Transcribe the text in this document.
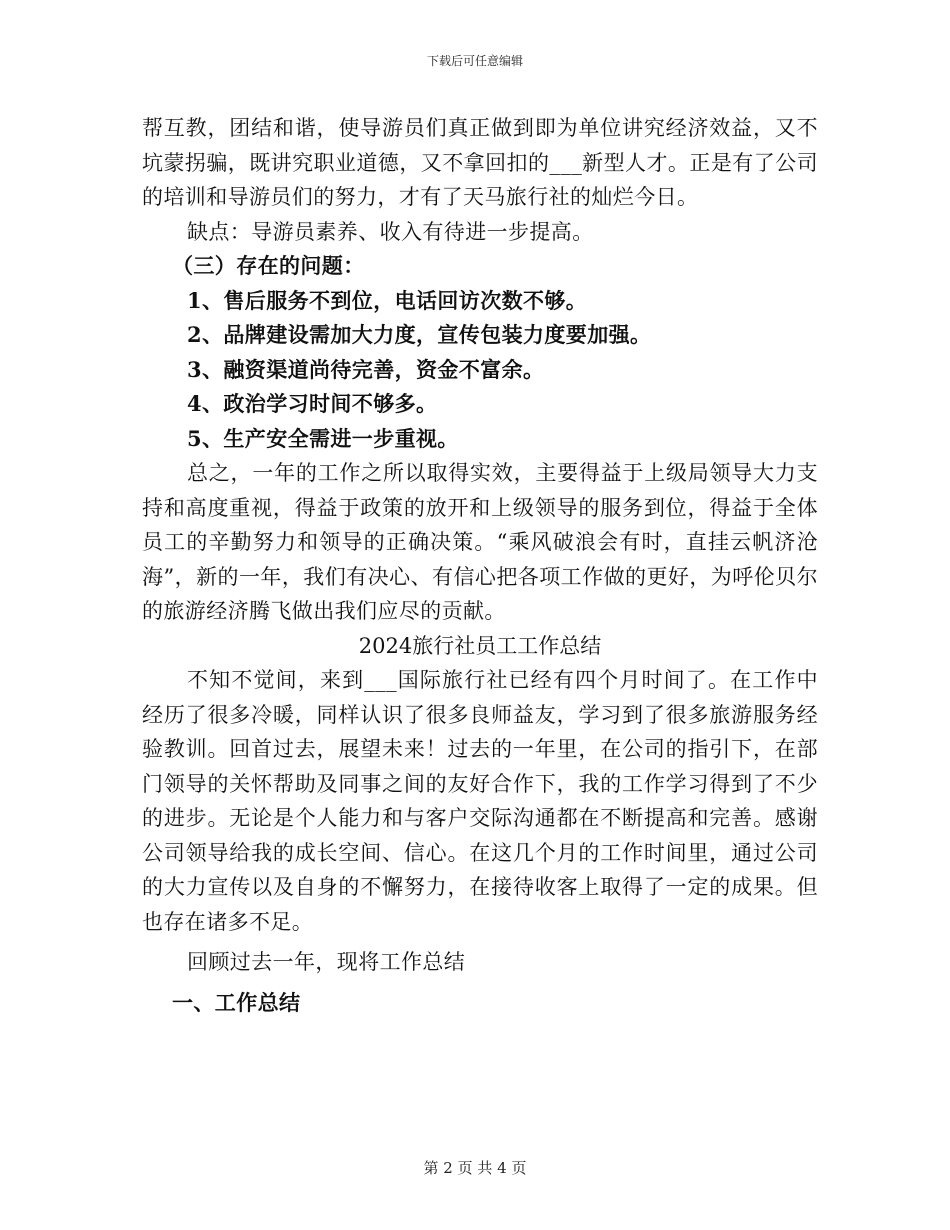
下载后可任意编辑

帮互教，团结和谐，使导游员们真正做到即为单位讲究经济效益，又不坑蒙拐骗，既讲究职业道德，又不拿回扣的___新型人才。正是有了公司的培训和导游员们的努力，才有了天马旅行社的灿烂今日。

缺点：导游员素养、收入有待进一步提高。

（三）存在的问题：

1、售后服务不到位，电话回访次数不够。

2、品牌建设需加大力度，宣传包装力度要加强。

3、融资渠道尚待完善，资金不富余。

4、政治学习时间不够多。

5、生产安全需进一步重视。

总之，一年的工作之所以取得实效，主要得益于上级局领导大力支持和高度重视，得益于政策的放开和上级领导的服务到位，得益于全体员工的辛勤努力和领导的正确决策。“乘风破浪会有时，直挂云帆济沧海”，新的一年，我们有决心、有信心把各项工作做的更好，为呼伦贝尔的旅游经济腾飞做出我们应尽的贡献。

2024旅行社员工工作总结

不知不觉间，来到___国际旅行社已经有四个月时间了。在工作中经历了很多冷暖，同样认识了很多良师益友，学习到了很多旅游服务经验教训。回首过去，展望未来！过去的一年里，在公司的指引下，在部门领导的关怀帮助及同事之间的友好合作下，我的工作学习得到了不少的进步。无论是个人能力和与客户交际沟通都在不断提高和完善。感谢公司领导给我的成长空间、信心。在这几个月的工作时间里，通过公司的大力宣传以及自身的不懈努力，在接待收客上取得了一定的成果。但也存在诸多不足。

回顾过去一年，现将工作总结

一、工作总结

第 2 页 共 4 页
